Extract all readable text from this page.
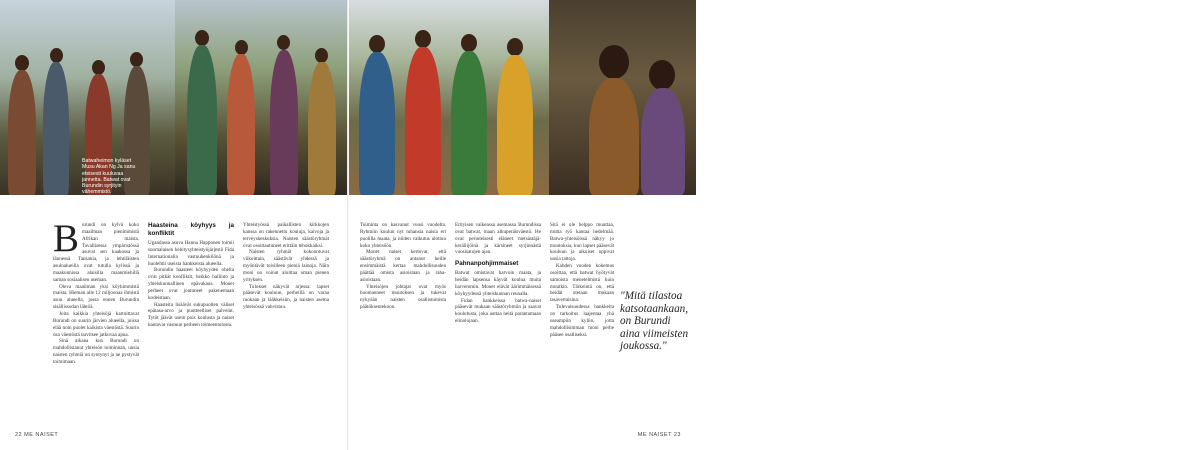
Batwaheimon kyläset Musu Akan Ng Ja sanu eteisesti kuuluvaa jannetta. Batwat ovat Burundin syrjityin vähemmistö.
Burundissa batwa-yhteisöt kouluttavat kyläläisiä hakemaan ja työllistämään uusia batwa-lapsia. Kuvassa batwa-lapset kunnostetaan kodittomaksi.

Burundi on kylvä koko maailman pienimmistä Afrikan maista. Tavallisessa ympäristössä asuvat sen kaakossa ja lännessä Tansania, ja lehtiläisten asuinalueilla ovat tutulla kylissä ja maakunnissa alaisilla maanmiehillä saman sosiaalisen aseman.

Oleva maailman yksi köyhimmistä maista. Hieman alle 12 miljoonaa ihmistä asuu alueella, jossa ennen Burundin sisällissodan lähtöä.

Joita kaikkia yhteisöjä kartoittavat Burundi on suurin järvien alueella, joissa elää noin puolet kaikista väestöstä. Suurin osa väestöstä tarvitsee jatkuvaa apua.

Sinä aikana kun Burundi on mahdollistanut yhteisön toiminnan, uusia naisten ryhmiä on syntynyt ja ne pystyvät toimimaan.

Haasteina köyhyys ja konfliktit

Ugandassa asuva Hanna Happonen toimii suomalaisen kehitysyhteistyöjärjestö Fida Internationalin vastuuhenkilönä ja huolehtii useista hankkeista alueella.

Burundin haasteet köyhyyden ohella ovat pitkät konfliktit, heikko hallinto ja yhteiskunnallinen epävakaus. Monet perheet ovat joutuneet pakenemaan kodeistaan.

Haasteita lisäävät sukupuolten väliset epätasa-arvo ja puutteelliset palvelut. Tytöt jäävät usein pois koulusta ja naiset kantavat vastuun perheen toimeentulosta.

Yhteistyössä paikallisten kirkkojen kanssa on rakennettu kouluja, kaivoja ja terveyskeskuksia. Naisten säästöryhmät ovat osoittautuneet erittäin tehokkaiksi.

Naisten ryhmät kokoontuvat viikoittain, säästävät yhdessä ja myöntävät toisilleen pieniä lainoja. Näin moni on voinut aloittaa oman pienen yrityksen.

Tulokset näkyvät arjessa: lapset pääsevät kouluun, perheillä on varaa ruokaan ja lääkkeisiin, ja naisten asema yhteisössä vahvistuu.

Toiminta on kasvanut vuosi vuodelta. Ryhmiin kuuluu nyt tuhansia naisia eri puolilla maata, ja niiden vaikutus ulottuu koko yhteisöön.

Monet naiset kertovat, että säästöryhmä on antanut heille ensimmäistä kertaa mahdollisuuden päättää omista asioistaan ja raha-asioistaan.

Yhteisöjen johtajat ovat myös huomanneet muutoksen ja tukevat nykyään naisten osallistumista päätöksentekoon.

Erityisen vaikeassa asemassa Burundissa ovat batwat, maan alkuperäisväestö. He ovat perinteisesti eläneet metsästäjä-keräilijöinä ja kärsineet syrjinnästä vuosisatojen ajan.

Pahnanpohjimmaiset

Batwat omistavat harvoin maata, ja heidän lapsensa käyvät koulua muita harvemmin. Monet elävät äärimmäisessä köyhyydessä yhteiskunnan reunalla.

Fidan hankkeissa batwa-naiset pääsevät mukaan säästöryhmiin ja saavat koulutusta, joka auttaa heitä parantamaan elinolojaan.

Sitä ei ole helppo muuttaa, mutta työ kantaa hedelmää. Batwa-yhteisöissä näkyy jo muutoksia, kun lapset pääsevät kouluun ja aikuiset oppivat uusia taitoja.

Kahden vuoden kokemus osoittaa, että batwat hyötyvät samoista menetelmistä kuin muutkin. Tärkeintä on, että heidät otetaan mukaan tasavertaisina.

Tulevaisuudessa hankkeita on tarkoitus laajentaa yhä useampiin kyliin, jotta mahdollisimman moni perhe pääsee osalliseksi.

"Mitä tilastoa katsotaankaan, on Burundi aina viimeisten joukossa."
22 ME NAISET	ME NAISET 23
